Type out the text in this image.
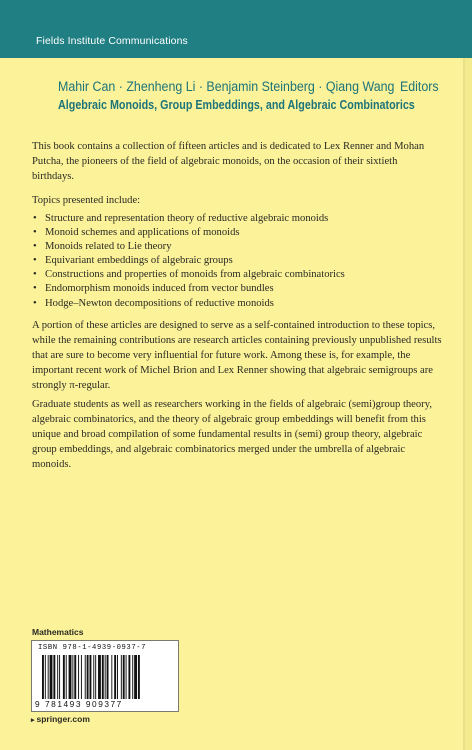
Fields Institute Communications
Mahir Can · Zhenheng Li · Benjamin Steinberg · Qiang Wang Editors
Algebraic Monoids, Group Embeddings, and Algebraic Combinatorics
This book contains a collection of fifteen articles and is dedicated to Lex Renner and Mohan Putcha, the pioneers of the field of algebraic monoids, on the occasion of their sixtieth birthdays.
Topics presented include:
• Structure and representation theory of reductive algebraic monoids
• Monoid schemes and applications of monoids
• Monoids related to Lie theory
• Equivariant embeddings of algebraic groups
• Constructions and properties of monoids from algebraic combinatorics
• Endomorphism monoids induced from vector bundles
• Hodge–Newton decompositions of reductive monoids
A portion of these articles are designed to serve as a self-contained introduction to these topics, while the remaining contributions are research articles containing previously unpublished results that are sure to become very influential for future work. Among these is, for example, the important recent work of Michel Brion and Lex Renner showing that algebraic semigroups are strongly π-regular.
Graduate students as well as researchers working in the fields of algebraic (semi)group theory, algebraic combinatorics, and the theory of algebraic group embeddings will benefit from this unique and broad compilation of some fundamental results in (semi) group theory, algebraic group embeddings, and algebraic combinatorics merged under the umbrella of algebraic monoids.
Mathematics
ISBN 978-1-4939-0937-7
9 781493 909377
▸ springer.com
